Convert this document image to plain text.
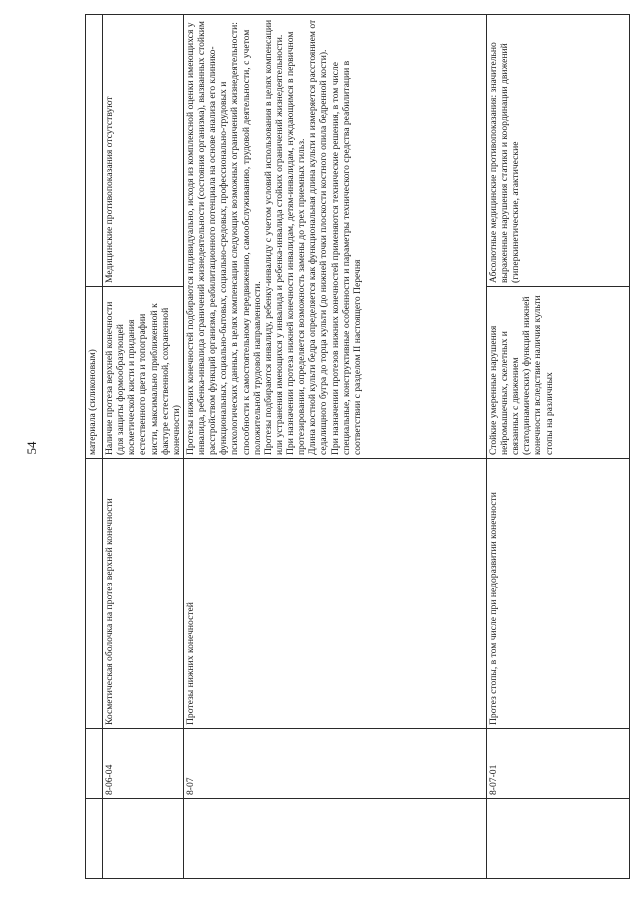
54
				материала (силиконовым)	
	8-06-04	Косметическая оболочка на протез верхней конечности	Наличие протеза верхней конечности (для защиты формообразующей косметической кисти и придания естественного цвета и топографии кисти, максимально приближенной к фактуре естественной, сохраненной конечности)	Медицинские противопоказания отсутствуют
	8-07	Протезы нижних конечностей	Протезы нижних конечностей подбираются индивидуально, исходя из комплексной оценки имеющихся у инвалида, ребенка-инвалида ограничений жизнедеятельности (состояния организма), вызванных стойким расстройством функций организма, реабилитационного потенциала на основе анализа его клинико-функциональных, социально-бытовых, социально-средовых, профессионально-трудовых и психологических данных, в целях компенсации следующих возможных ограничений жизнедеятельности: способности к самостоятельному передвижению, самообслуживанию, трудовой деятельности, с учетом положительной трудовой направленности. Протезы подбираются инвалиду, ребенку-инвалиду с учетом условий использования в целях компенсации или устранения имеющихся у инвалида и ребенка-инвалида стойких ограничений жизнедеятельности. При назначении протеза нижней конечности инвалидам, детям-инвалидам, нуждающимся в первичном протезировании, определяется возможность замены до трех приемных гильз. Длина костной культи бедра определяется как функциональная длина культи и измеряется расстоянием от седалищного бугра до торца культи (до нижней точки плоскости костного опила бедренной кости). При назначении протезов нижних конечностей применяются технические решения, в том числе специальные, конструктивные особенности и параметры технического средства реабилитации в соответствии с разделом II настоящего Перечня	

	8-07-01	Протез стопы, в том числе при недоразвитии конечности	Стойкие умеренные нарушения нейромышечных, скелетных и связанных с движением (статодинамических) функций нижней конечности вследствие наличия культи стопы на различных	Абсолютные медицинские противопоказания: значительно выраженные нарушения статики и координации движений (гиперкинетические, атактические
